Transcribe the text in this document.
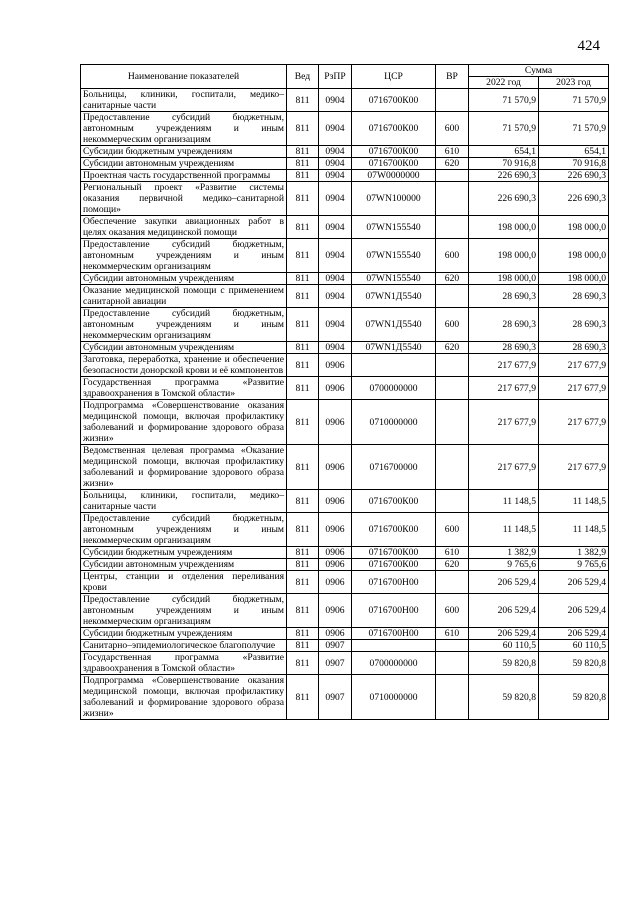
424
Наименование показателей	Вед	РзПР	ЦСР	ВР	Сумма	
					2022 год	2023 год
Больницы, клиники, госпитали, медико–санитарные части	811	0904	0716700К00		71 570,9	71 570,9
Предоставление субсидий бюджетным, автономным учреждениям и иным некоммерческим организациям	811	0904	0716700К00	600	71 570,9	71 570,9
Субсидии бюджетным учреждениям	811	0904	0716700К00	610	654,1	654,1
Субсидии автономным учреждениям	811	0904	0716700К00	620	70 916,8	70 916,8
Проектная часть государственной программы	811	0904	07W0000000		226 690,3	226 690,3
Региональный проект «Развитие системы оказания первичной медико–санитарной помощи»	811	0904	07WN100000		226 690,3	226 690,3
Обеспечение закупки авиационных работ в целях оказания медицинской помощи	811	0904	07WN155540		198 000,0	198 000,0
Предоставление субсидий бюджетным, автономным учреждениям и иным некоммерческим организациям	811	0904	07WN155540	600	198 000,0	198 000,0
Субсидии автономным учреждениям	811	0904	07WN155540	620	198 000,0	198 000,0
Оказание медицинской помощи с применением санитарной авиации	811	0904	07WN1Д5540		28 690,3	28 690,3
Предоставление субсидий бюджетным, автономным учреждениям и иным некоммерческим организациям	811	0904	07WN1Д5540	600	28 690,3	28 690,3
Субсидии автономным учреждениям	811	0904	07WN1Д5540	620	28 690,3	28 690,3
Заготовка, переработка, хранение и обеспечение безопасности донорской крови и её компонентов	811	0906			217 677,9	217 677,9
Государственная программа «Развитие здравоохранения в Томской области»	811	0906	0700000000		217 677,9	217 677,9
Подпрограмма «Совершенствование оказания медицинской помощи, включая профилактику заболеваний и формирование здорового образа жизни»	811	0906	0710000000		217 677,9	217 677,9
Ведомственная целевая программа «Оказание медицинской помощи, включая профилактику заболеваний и формирование здорового образа жизни»	811	0906	0716700000		217 677,9	217 677,9
Больницы, клиники, госпитали, медико–санитарные части	811	0906	0716700К00		11 148,5	11 148,5
Предоставление субсидий бюджетным, автономным учреждениям и иным некоммерческим организациям	811	0906	0716700К00	600	11 148,5	11 148,5
Субсидии бюджетным учреждениям	811	0906	0716700К00	610	1 382,9	1 382,9
Субсидии автономным учреждениям	811	0906	0716700К00	620	9 765,6	9 765,6
Центры, станции и отделения переливания крови	811	0906	0716700Н00		206 529,4	206 529,4
Предоставление субсидий бюджетным, автономным учреждениям и иным некоммерческим организациям	811	0906	0716700Н00	600	206 529,4	206 529,4
Субсидии бюджетным учреждениям	811	0906	0716700Н00	610	206 529,4	206 529,4
Санитарно–эпидемиологическое благополучие	811	0907			60 110,5	60 110,5
Государственная программа «Развитие здравоохранения в Томской области»	811	0907	0700000000		59 820,8	59 820,8
Подпрограмма «Совершенствование оказания медицинской помощи, включая профилактику заболеваний и формирование здорового образа жизни»	811	0907	0710000000		59 820,8	59 820,8
